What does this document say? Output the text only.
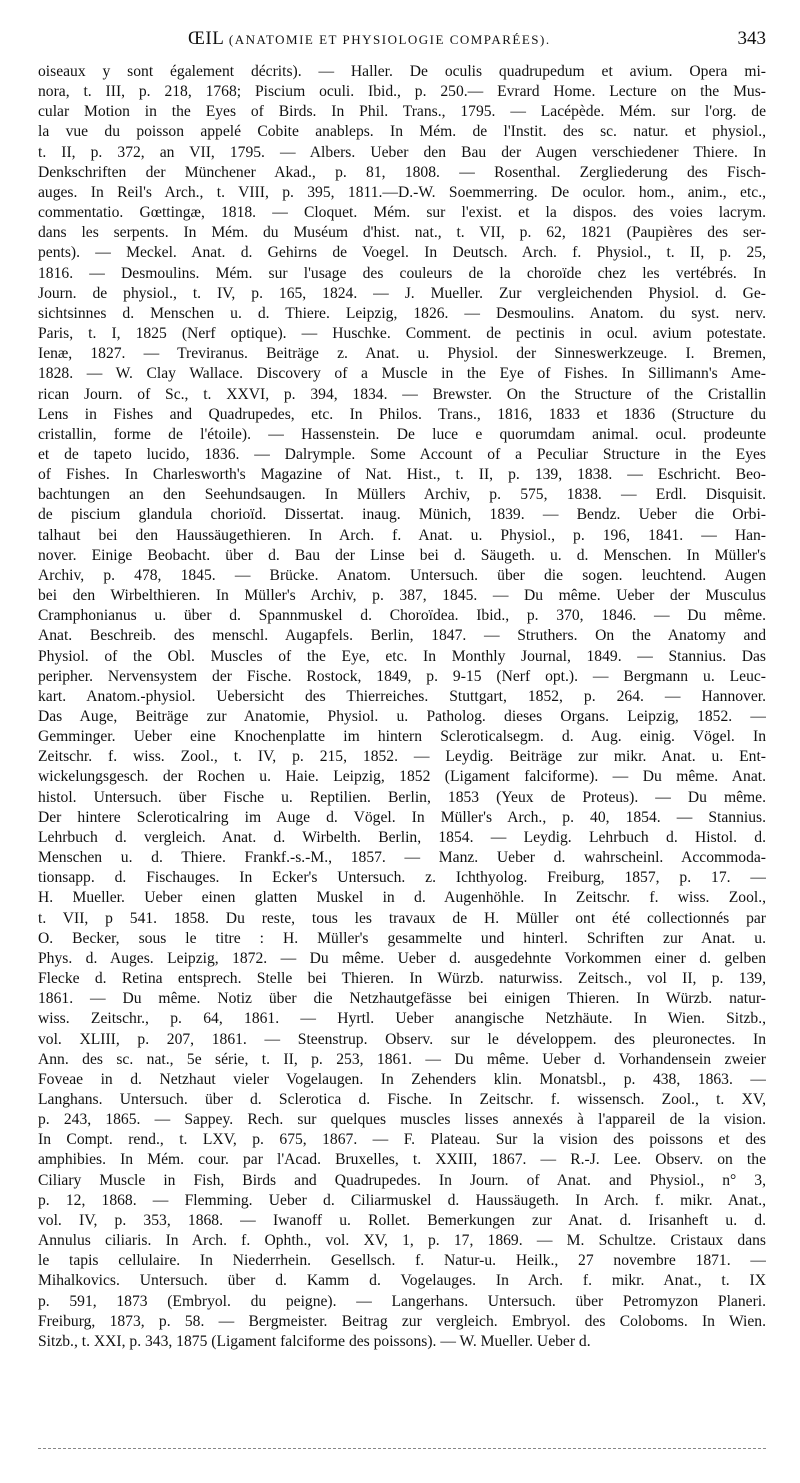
ŒIL (ANATOMIE ET PHYSIOLOGIE COMPARÉES).	343
oiseaux y sont également décrits). — Haller. De oculis quadrupedum et avium. Opera mi-
nora, t. III, p. 218, 1768; Piscium oculi. Ibid., p. 250.— Evrard Home. Lecture on the Mus-
cular Motion in the Eyes of Birds. In Phil. Trans., 1795. — Lacépède. Mém. sur l'org. de
la vue du poisson appelé Cobite anableps. In Mém. de l'Instit. des sc. natur. et physiol.,
t. II, p. 372, an VII, 1795. — Albers. Ueber den Bau der Augen verschiedener Thiere. In
Denkschriften der Münchener Akad., p. 81, 1808. — Rosenthal. Zergliederung des Fisch-
auges. In Reil's Arch., t. VIII, p. 395, 1811.—D.-W. Soemmerring. De oculor. hom., anim., etc.,
commentatio. Gœttingæ, 1818. — Cloquet. Mém. sur l'exist. et la dispos. des voies lacrym.
dans les serpents. In Mém. du Muséum d'hist. nat., t. VII, p. 62, 1821 (Paupières des ser-
pents). — Meckel. Anat. d. Gehirns de Voegel. In Deutsch. Arch. f. Physiol., t. II, p. 25,
1816. — Desmoulins. Mém. sur l'usage des couleurs de la choroïde chez les vertébrés. In
Journ. de physiol., t. IV, p. 165, 1824. — J. Mueller. Zur vergleichenden Physiol. d. Ge-
sichtsinnes d. Menschen u. d. Thiere. Leipzig, 1826. — Desmoulins. Anatom. du syst. nerv.
Paris, t. I, 1825 (Nerf optique). — Huschke. Comment. de pectinis in ocul. avium potestate.
Ienæ, 1827. — Treviranus. Beiträge z. Anat. u. Physiol. der Sinneswerkzeuge. I. Bremen,
1828. — W. Clay Wallace. Discovery of a Muscle in the Eye of Fishes. In Sillimann's Ame-
rican Journ. of Sc., t. XXVI, p. 394, 1834. — Brewster. On the Structure of the Cristallin
Lens in Fishes and Quadrupedes, etc. In Philos. Trans., 1816, 1833 et 1836 (Structure du
cristallin, forme de l'étoile). — Hassenstein. De luce e quorumdam animal. ocul. prodeunte
et de tapeto lucido, 1836. — Dalrymple. Some Account of a Peculiar Structure in the Eyes
of Fishes. In Charlesworth's Magazine of Nat. Hist., t. II, p. 139, 1838. — Eschricht. Beo-
bachtungen an den Seehundsaugen. In Müllers Archiv, p. 575, 1838. — Erdl. Disquisit.
de piscium glandula chorioïd. Dissertat. inaug. Münich, 1839. — Bendz. Ueber die Orbi-
talhaut bei den Haussäugethieren. In Arch. f. Anat. u. Physiol., p. 196, 1841. — Han-
nover. Einige Beobacht. über d. Bau der Linse bei d. Säugeth. u. d. Menschen. In Müller's
Archiv, p. 478, 1845. — Brücke. Anatom. Untersuch. über die sogen. leuchtend. Augen
bei den Wirbelthieren. In Müller's Archiv, p. 387, 1845. — Du même. Ueber der Musculus
Cramphonianus u. über d. Spannmuskel d. Choroïdea. Ibid., p. 370, 1846. — Du même.
Anat. Beschreib. des menschl. Augapfels. Berlin, 1847. — Struthers. On the Anatomy and
Physiol. of the Obl. Muscles of the Eye, etc. In Monthly Journal, 1849. — Stannius. Das
peripher. Nervensystem der Fische. Rostock, 1849, p. 9-15 (Nerf opt.). — Bergmann u. Leuc-
kart. Anatom.-physiol. Uebersicht des Thierreiches. Stuttgart, 1852, p. 264. — Hannover.
Das Auge, Beiträge zur Anatomie, Physiol. u. Patholog. dieses Organs. Leipzig, 1852. —
Gemminger. Ueber eine Knochenplatte im hintern Scleroticalsegm. d. Aug. einig. Vögel. In
Zeitschr. f. wiss. Zool., t. IV, p. 215, 1852. — Leydig. Beiträge zur mikr. Anat. u. Ent-
wickelungsgesch. der Rochen u. Haie. Leipzig, 1852 (Ligament falciforme). — Du même. Anat.
histol. Untersuch. über Fische u. Reptilien. Berlin, 1853 (Yeux de Proteus). — Du même.
Der hintere Scleroticalring im Auge d. Vögel. In Müller's Arch., p. 40, 1854. — Stannius.
Lehrbuch d. vergleich. Anat. d. Wirbelth. Berlin, 1854. — Leydig. Lehrbuch d. Histol. d.
Menschen u. d. Thiere. Frankf.-s.-M., 1857. — Manz. Ueber d. wahrscheinl. Accommoda-
tionsapp. d. Fischauges. In Ecker's Untersuch. z. Ichthyolog. Freiburg, 1857, p. 17. —
H. Mueller. Ueber einen glatten Muskel in d. Augenhöhle. In Zeitschr. f. wiss. Zool.,
t. VII, p 541. 1858. Du reste, tous les travaux de H. Müller ont été collectionnés par
O. Becker, sous le titre : H. Müller's gesammelte und hinterl. Schriften zur Anat. u.
Phys. d. Auges. Leipzig, 1872. — Du même. Ueber d. ausgedehnte Vorkommen einer d. gelben
Flecke d. Retina entsprech. Stelle bei Thieren. In Würzb. naturwiss. Zeitsch., vol II, p. 139,
1861. — Du même. Notiz über die Netzhautgefässe bei einigen Thieren. In Würzb. natur-
wiss. Zeitschr., p. 64, 1861. — Hyrtl. Ueber anangische Netzhäute. In Wien. Sitzb.,
vol. XLIII, p. 207, 1861. — Steenstrup. Observ. sur le développem. des pleuronectes. In
Ann. des sc. nat., 5e série, t. II, p. 253, 1861. — Du même. Ueber d. Vorhandensein zweier
Foveae in d. Netzhaut vieler Vogelaugen. In Zehenders klin. Monatsbl., p. 438, 1863. —
Langhans. Untersuch. über d. Sclerotica d. Fische. In Zeitschr. f. wissensch. Zool., t. XV,
p. 243, 1865. — Sappey. Rech. sur quelques muscles lisses annexés à l'appareil de la vision.
In Compt. rend., t. LXV, p. 675, 1867. — F. Plateau. Sur la vision des poissons et des
amphibies. In Mém. cour. par l'Acad. Bruxelles, t. XXIII, 1867. — R.-J. Lee. Observ. on the
Ciliary Muscle in Fish, Birds and Quadrupedes. In Journ. of Anat. and Physiol., n° 3,
p. 12, 1868. — Flemming. Ueber d. Ciliarmuskel d. Haussäugeth. In Arch. f. mikr. Anat.,
vol. IV, p. 353, 1868. — Iwanoff u. Rollet. Bemerkungen zur Anat. d. Irisanheft u. d.
Annulus ciliaris. In Arch. f. Ophth., vol. XV, 1, p. 17, 1869. — M. Schultze. Cristaux dans
le tapis cellulaire. In Niederrhein. Gesellsch. f. Natur-u. Heilk., 27 novembre 1871. —
Mihalkovics. Untersuch. über d. Kamm d. Vogelauges. In Arch. f. mikr. Anat., t. IX
p. 591, 1873 (Embryol. du peigne). — Langerhans. Untersuch. über Petromyzon Planeri.
Freiburg, 1873, p. 58. — Bergmeister. Beitrag zur vergleich. Embryol. des Coloboms. In Wien.
Sitzb., t. XXI, p. 343, 1875 (Ligament falciforme des poissons). — W. Mueller. Ueber d.
